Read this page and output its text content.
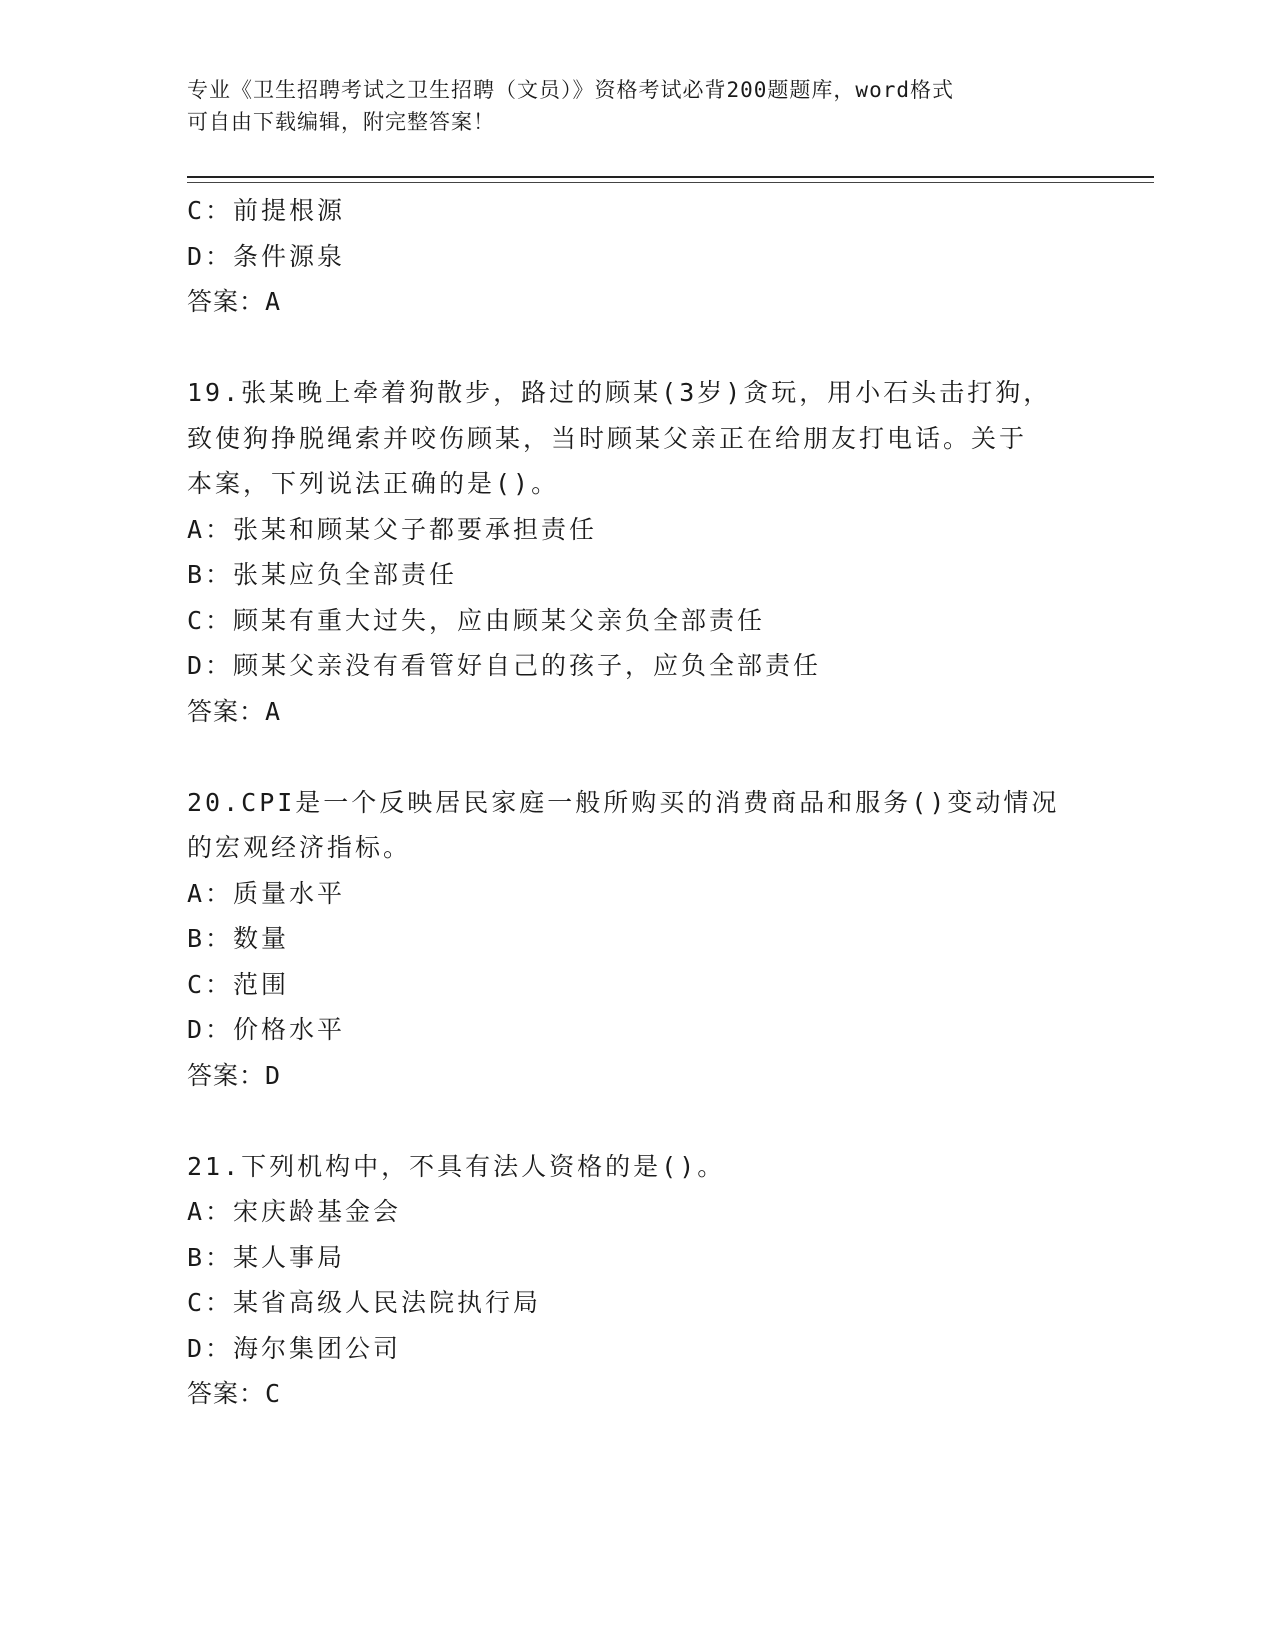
专业《卫生招聘考试之卫生招聘（文员）》资格考试必背200题题库，word格式
可自由下载编辑，附完整答案！
C：前提根源
D：条件源泉
答案：A
19.张某晚上牵着狗散步，路过的顾某(3岁)贪玩，用小石头击打狗，
致使狗挣脱绳索并咬伤顾某，当时顾某父亲正在给朋友打电话。关于
本案，下列说法正确的是()。
A：张某和顾某父子都要承担责任
B：张某应负全部责任
C：顾某有重大过失，应由顾某父亲负全部责任
D：顾某父亲没有看管好自己的孩子，应负全部责任
答案：A
20.CPI是一个反映居民家庭一般所购买的消费商品和服务()变动情况
的宏观经济指标。
A：质量水平
B：数量
C：范围
D：价格水平
答案：D
21.下列机构中，不具有法人资格的是()。
A：宋庆龄基金会
B：某人事局
C：某省高级人民法院执行局
D：海尔集团公司
答案：C
